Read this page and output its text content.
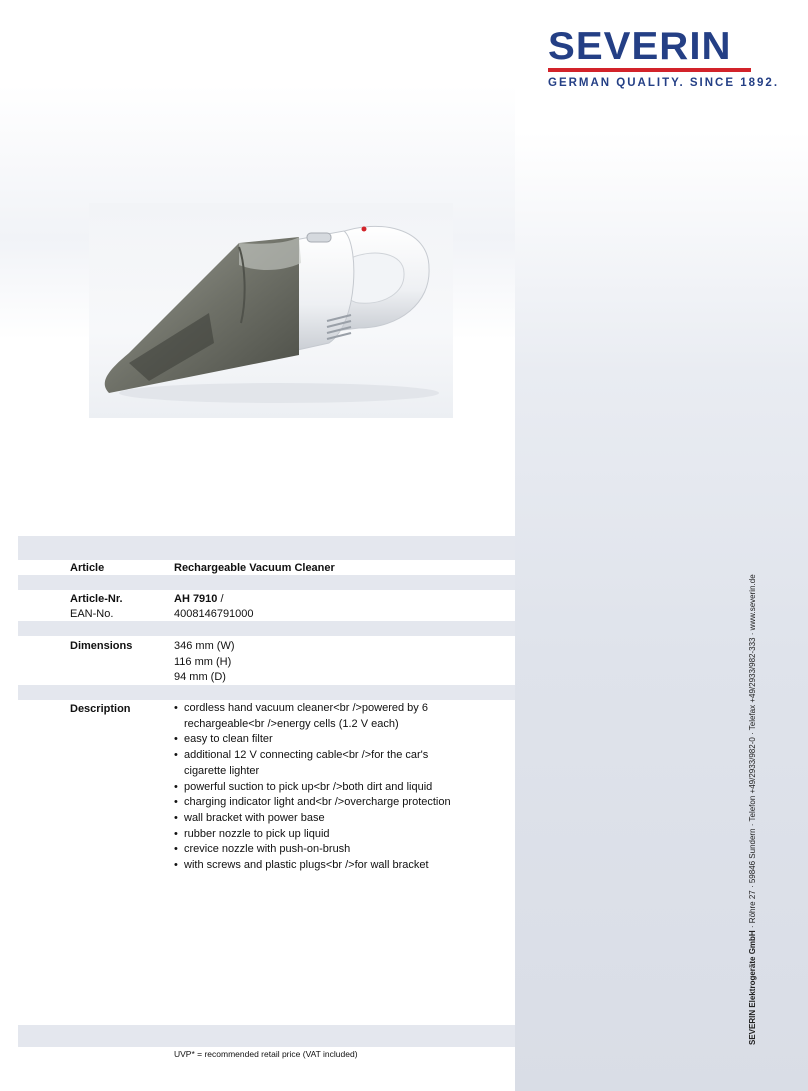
SEVERIN
GERMAN QUALITY. SINCE 1892.
Article	Rechargeable Vacuum Cleaner
Article-Nr.	AH 7910 /
EAN-No.	4008146791000
Dimensions	346 mm (W)
116 mm (H)
94 mm (D)
Description
•	cordless hand vacuum cleaner<br />powered by 6 rechargeable<br />energy cells (1.2 V each)
• easy to clean filter
• additional 12 V connecting cable<br />for the car's cigarette lighter
• powerful suction to pick up<br />both dirt and liquid
• charging indicator light and<br />overcharge protection
• wall bracket with power base
• rubber nozzle to pick up liquid
• crevice nozzle with push-on-brush
• with screws and plastic plugs<br />for wall bracket
UVP* = recommended retail price (VAT included)
SEVERIN Elektrogeräte GmbH · Röhre 27 · 59846 Sundern · Telefon +49/2933/982-0 · Telefax +49/2933/982-333 · www.severin.de
